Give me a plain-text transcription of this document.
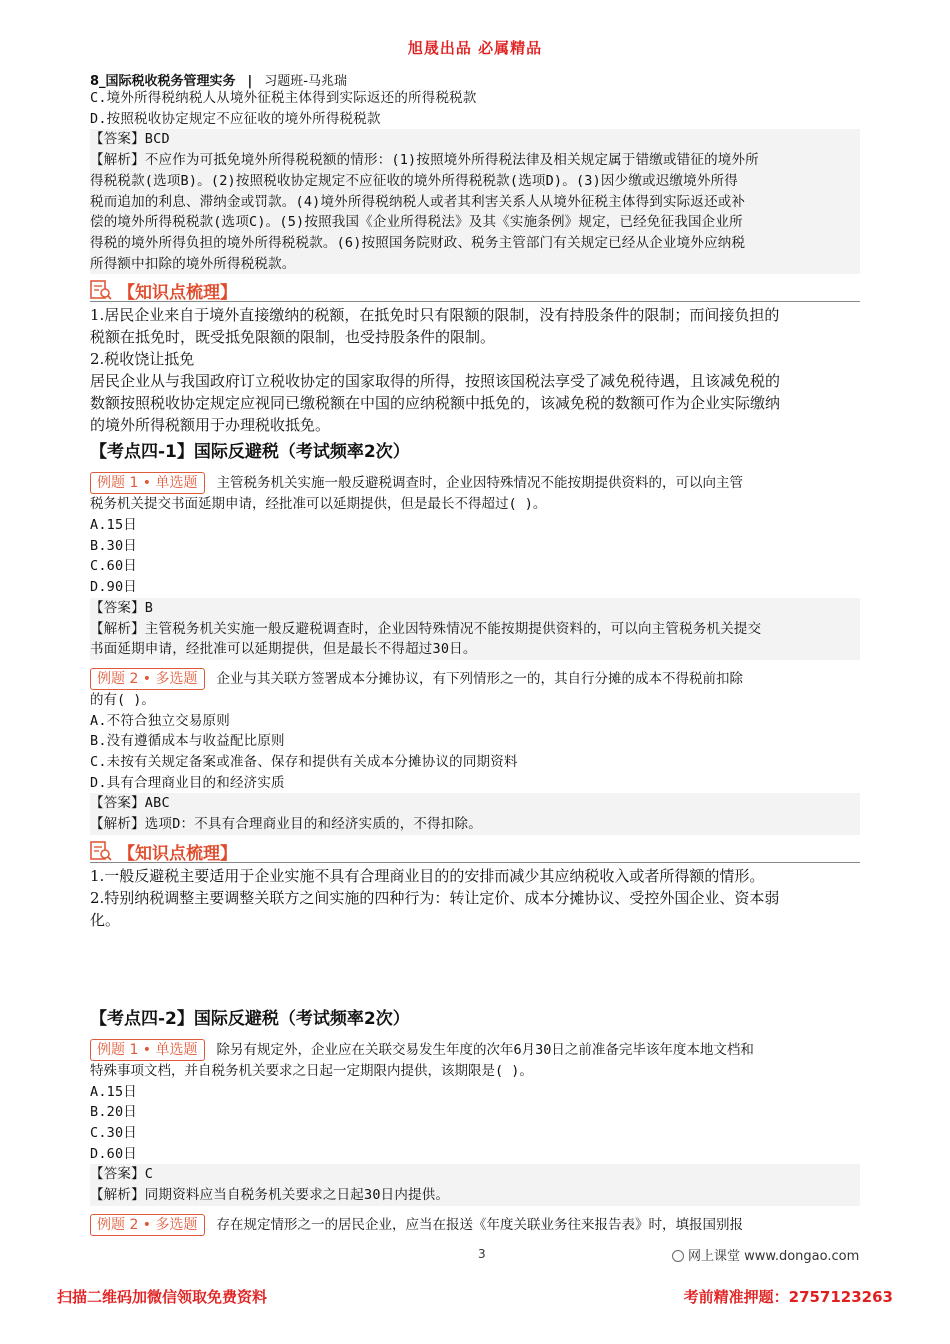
旭晟出品 必属精品
8_国际税收税务管理实务 | 习题班-马兆瑞
C.境外所得税纳税人从境外征税主体得到实际返还的所得税税款
D.按照税收协定规定不应征收的境外所得税税款
【答案】BCD
【解析】不应作为可抵免境外所得税税额的情形：(1)按照境外所得税法律及相关规定属于错缴或错征的境外所
得税税款(选项B)。(2)按照税收协定规定不应征收的境外所得税税款(选项D)。(3)因少缴或迟缴境外所得
税而追加的利息、滞纳金或罚款。(4)境外所得税纳税人或者其利害关系人从境外征税主体得到实际返还或补
偿的境外所得税税款(选项C)。(5)按照我国《企业所得税法》及其《实施条例》规定，已经免征我国企业所
得税的境外所得负担的境外所得税税款。(6)按照国务院财政、税务主管部门有关规定已经从企业境外应纳税
所得额中扣除的境外所得税税款。
【知识点梳理】
1.居民企业来自于境外直接缴纳的税额，在抵免时只有限额的限制，没有持股条件的限制；而间接负担的
税额在抵免时，既受抵免限额的限制，也受持股条件的限制。
2.税收饶让抵免
居民企业从与我国政府订立税收协定的国家取得的所得，按照该国税法享受了减免税待遇，且该减免税的
数额按照税收协定规定应视同已缴税额在中国的应纳税额中抵免的，该减免税的数额可作为企业实际缴纳
的境外所得税额用于办理税收抵免。
【考点四-1】国际反避税（考试频率2次）
例题 1 • 单选题 主管税务机关实施一般反避税调查时，企业因特殊情况不能按期提供资料的，可以向主管
税务机关提交书面延期申请，经批准可以延期提供，但是最长不得超过( )。
A.15日
B.30日
C.60日
D.90日
【答案】B
【解析】主管税务机关实施一般反避税调查时，企业因特殊情况不能按期提供资料的，可以向主管税务机关提交
书面延期申请，经批准可以延期提供，但是最长不得超过30日。
例题 2 • 多选题 企业与其关联方签署成本分摊协议，有下列情形之一的，其自行分摊的成本不得税前扣除
的有( )。
A.不符合独立交易原则
B.没有遵循成本与收益配比原则
C.未按有关规定备案或准备、保存和提供有关成本分摊协议的同期资料
D.具有合理商业目的和经济实质
【答案】ABC
【解析】选项D：不具有合理商业目的和经济实质的，不得扣除。
【知识点梳理】
1.一般反避税主要适用于企业实施不具有合理商业目的的安排而减少其应纳税收入或者所得额的情形。
2.特别纳税调整主要调整关联方之间实施的四种行为：转让定价、成本分摊协议、受控外国企业、资本弱
化。
【考点四-2】国际反避税（考试频率2次）
例题 1 • 单选题 除另有规定外，企业应在关联交易发生年度的次年6月30日之前准备完毕该年度本地文档和
特殊事项文档，并自税务机关要求之日起一定期限内提供，该期限是( )。
A.15日
B.20日
C.30日
D.60日
【答案】C
【解析】同期资料应当自税务机关要求之日起30日内提供。
例题 2 • 多选题 存在规定情形之一的居民企业，应当在报送《年度关联业务往来报告表》时，填报国别报
3	网上课堂 www.dongao.com
扫描二维码加微信领取免费资料	考前精准押题：2757123263
